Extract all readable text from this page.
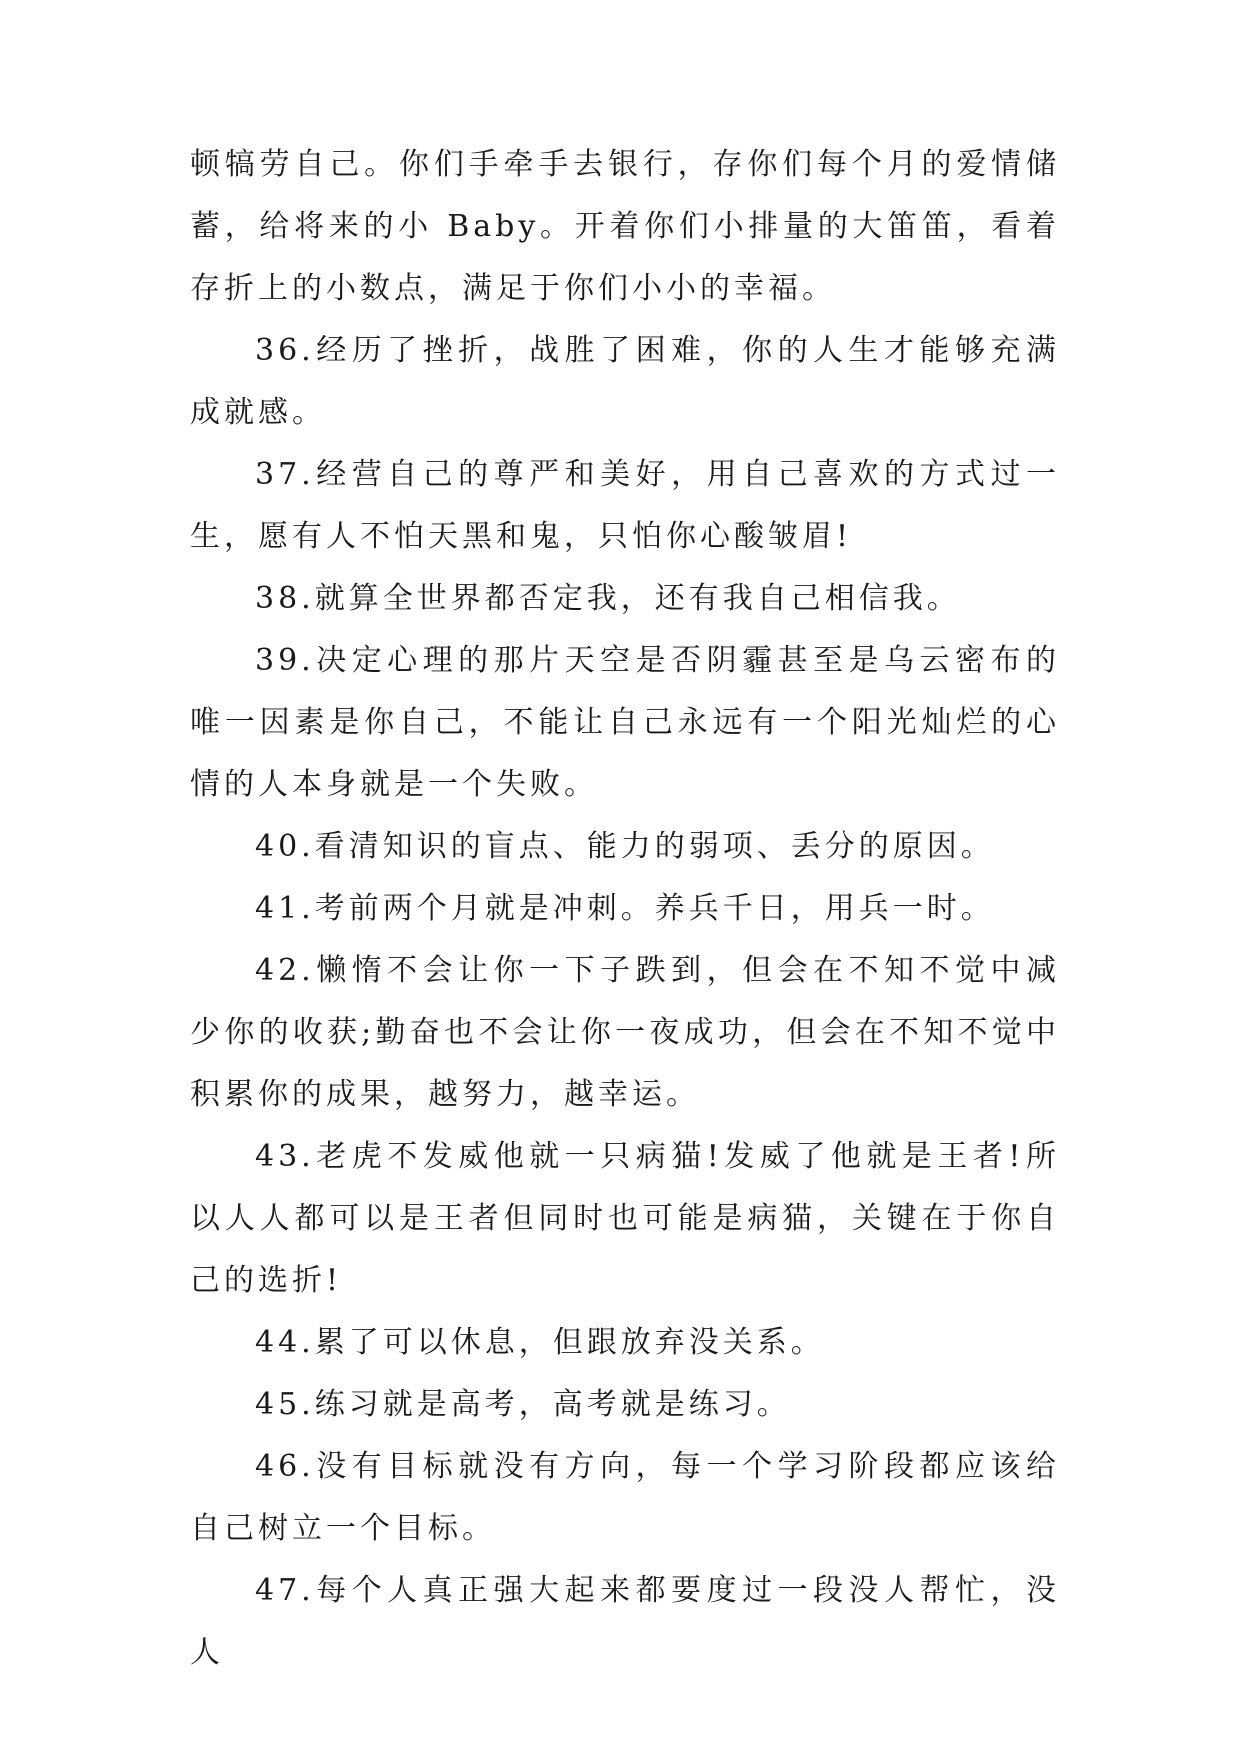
顿犒劳自己。你们手牵手去银行，存你们每个月的爱情储蓄，给将来的小 Baby。开着你们小排量的大笛笛，看着存折上的小数点，满足于你们小小的幸福。

36.经历了挫折，战胜了困难，你的人生才能够充满成就感。

37.经营自己的尊严和美好，用自己喜欢的方式过一生，愿有人不怕天黑和鬼，只怕你心酸皱眉!

38.就算全世界都否定我，还有我自己相信我。

39.决定心理的那片天空是否阴霾甚至是乌云密布的唯一因素是你自己，不能让自己永远有一个阳光灿烂的心情的人本身就是一个失败。

40.看清知识的盲点、能力的弱项、丢分的原因。

41.考前两个月就是冲刺。养兵千日，用兵一时。

42.懒惰不会让你一下子跌到，但会在不知不觉中减少你的收获;勤奋也不会让你一夜成功，但会在不知不觉中积累你的成果，越努力，越幸运。

43.老虎不发威他就一只病猫!发威了他就是王者!所以人人都可以是王者但同时也可能是病猫，关键在于你自己的选折!

44.累了可以休息，但跟放弃没关系。

45.练习就是高考，高考就是练习。

46.没有目标就没有方向，每一个学习阶段都应该给自己树立一个目标。

47.每个人真正强大起来都要度过一段没人帮忙，没人
